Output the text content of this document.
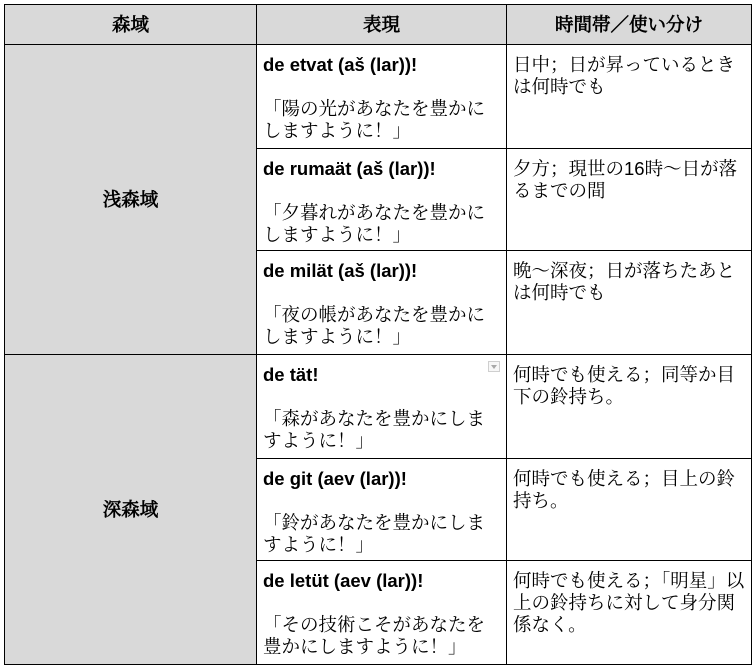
森域	表現	時間帯／使い分け
浅森域
de etvat (aš (lar))!
「陽の光があなたを豊かにしますように！」
日中；日が昇っているときは何時でも
de rumaät (aš (lar))!
「夕暮れがあなたを豊かにしますように！」
夕方；現世の16時〜日が落るまでの間
de milät (aš (lar))!
「夜の帳があなたを豊かにしますように！」
晩〜深夜；日が落ちたあとは何時でも
深森域
de tät!
「森があなたを豊かにしますように！」
何時でも使える；同等か目下の鈴持ち。
de git (aev (lar))!
「鈴があなたを豊かにしますように！」
何時でも使える；目上の鈴持ち。
de letüt (aev (lar))!
「その技術こそがあなたを豊かにしますように！」
何時でも使える；「明星」以上の鈴持ちに対して身分関係なく。
